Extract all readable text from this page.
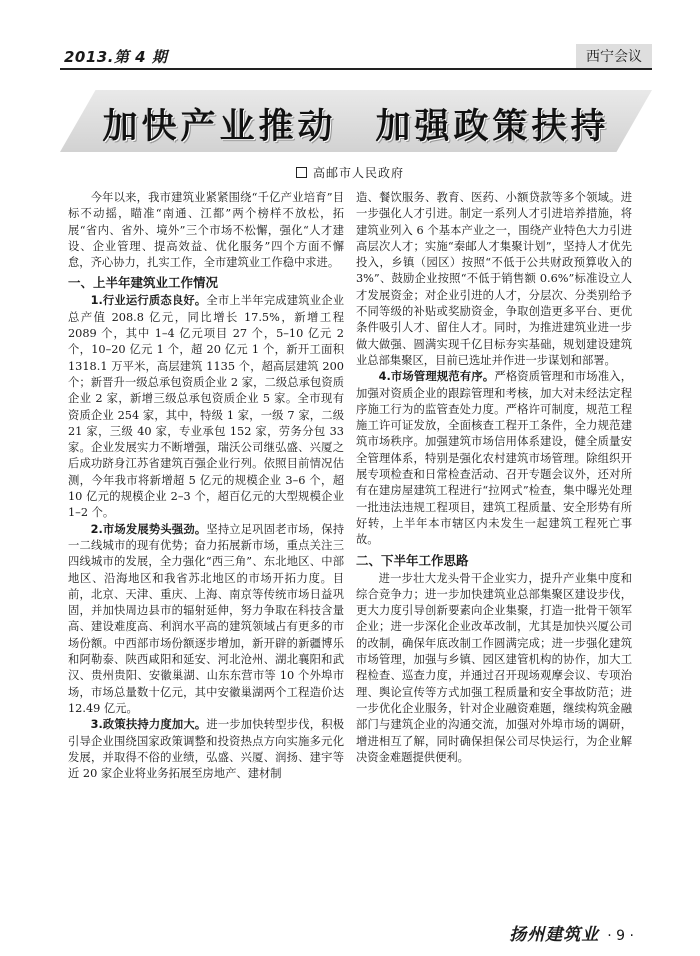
2013.第 4 期	西宁会议
加快产业推动　加强政策扶持
高邮市人民政府

今年以来，我市建筑业紧紧围绕“千亿产业培育”目标不动摇，瞄准“南通、江都”两个榜样不放松，拓展“省内、省外、境外”三个市场不松懈，强化“人才建设、企业管理、提高效益、优化服务”四个方面不懈怠，齐心协力，扎实工作，全市建筑业工作稳中求进。

一、上半年建筑业工作情况

1.行业运行质态良好。全市上半年完成建筑业企业总产值 208.8 亿元，同比增长 17.5%，新增工程 2089 个，其中 1–4 亿元项目 27 个，5–10 亿元 2 个，10–20 亿元 1 个，超 20 亿元 1 个，新开工面积 1318.1 万平米，高层建筑 1135 个，超高层建筑 200 个；新晋升一级总承包资质企业 2 家，二级总承包资质企业 2 家，新增三级总承包资质企业 5 家。全市现有资质企业 254 家，其中，特级 1 家，一级 7 家，二级 21 家，三级 40 家，专业承包 152 家，劳务分包 33 家。企业发展实力不断增强，瑞沃公司继弘盛、兴厦之后成功跻身江苏省建筑百强企业行列。依照目前情况估测，今年我市将新增超 5 亿元的规模企业 3–6 个，超 10 亿元的规模企业 2–3 个，超百亿元的大型规模企业 1–2 个。

2.市场发展势头强劲。坚持立足巩固老市场，保持一二线城市的现有优势；奋力拓展新市场，重点关注三四线城市的发展，全力强化“西三角”、东北地区、中部地区、沿海地区和我省苏北地区的市场开拓力度。目前，北京、天津、重庆、上海、南京等传统市场日益巩固，并加快周边县市的辐射延伸，努力争取在科技含量高、建设难度高、利润水平高的建筑领域占有更多的市场份额。中西部市场份额逐步增加，新开辟的新疆博乐和阿勒泰、陕西咸阳和延安、河北沧州、湖北襄阳和武汉、贵州贵阳、安徽巢湖、山东东营市等 10 个外埠市场，市场总量数十亿元，其中安徽巢湖两个工程造价达 12.49 亿元。

3.政策扶持力度加大。进一步加快转型步伐，积极引导企业围绕国家政策调整和投资热点方向实施多元化发展，并取得不俗的业绩，弘盛、兴厦、润扬、建宇等近 20 家企业将业务拓展至房地产、建材制

造、餐饮服务、教育、医药、小额贷款等多个领域。进一步强化人才引进。制定一系列人才引进培养措施，将建筑业列入 6 个基本产业之一，围绕产业特色大力引进高层次人才；实施“秦邮人才集聚计划”，坚持人才优先投入，乡镇（园区）按照“不低于公共财政预算收入的 3%”、鼓励企业按照“不低于销售额 0.6%”标准设立人才发展资金；对企业引进的人才，分层次、分类别给予不同等级的补贴或奖励资金，争取创造更多平台、更优条件吸引人才、留住人才。同时，为推进建筑业进一步做大做强、圆满实现千亿目标夯实基础，规划建设建筑业总部集聚区，目前已选址并作进一步谋划和部署。

4.市场管理规范有序。严格资质管理和市场准入，加强对资质企业的跟踪管理和考核，加大对未经法定程序施工行为的监管查处力度。严格许可制度，规范工程施工许可证发放，全面核查工程开工条件，全力规范建筑市场秩序。加强建筑市场信用体系建设，健全质量安全管理体系，特别是强化农村建筑市场管理。除组织开展专项检查和日常检查活动、召开专题会议外，还对所有在建房屋建筑工程进行“拉网式”检查，集中曝光处理一批违法违规工程项目，建筑工程质量、安全形势有所好转，上半年本市辖区内未发生一起建筑工程死亡事故。

二、下半年工作思路

进一步壮大龙头骨干企业实力，提升产业集中度和综合竞争力；进一步加快建筑业总部集聚区建设步伐，更大力度引导创新要素向企业集聚，打造一批骨干领军企业；进一步深化企业改革改制，尤其是加快兴厦公司的改制，确保年底改制工作圆满完成；进一步强化建筑市场管理，加强与乡镇、园区建管机构的协作，加大工程检查、巡查力度，并通过召开现场观摩会议、专项治理、舆论宣传等方式加强工程质量和安全事故防范；进一步优化企业服务，针对企业融资难题，继续构筑金融部门与建筑企业的沟通交流，加强对外埠市场的调研，增进相互了解，同时确保担保公司尽快运行，为企业解决资金难题提供便利。

扬州建筑业 · 9 ·
